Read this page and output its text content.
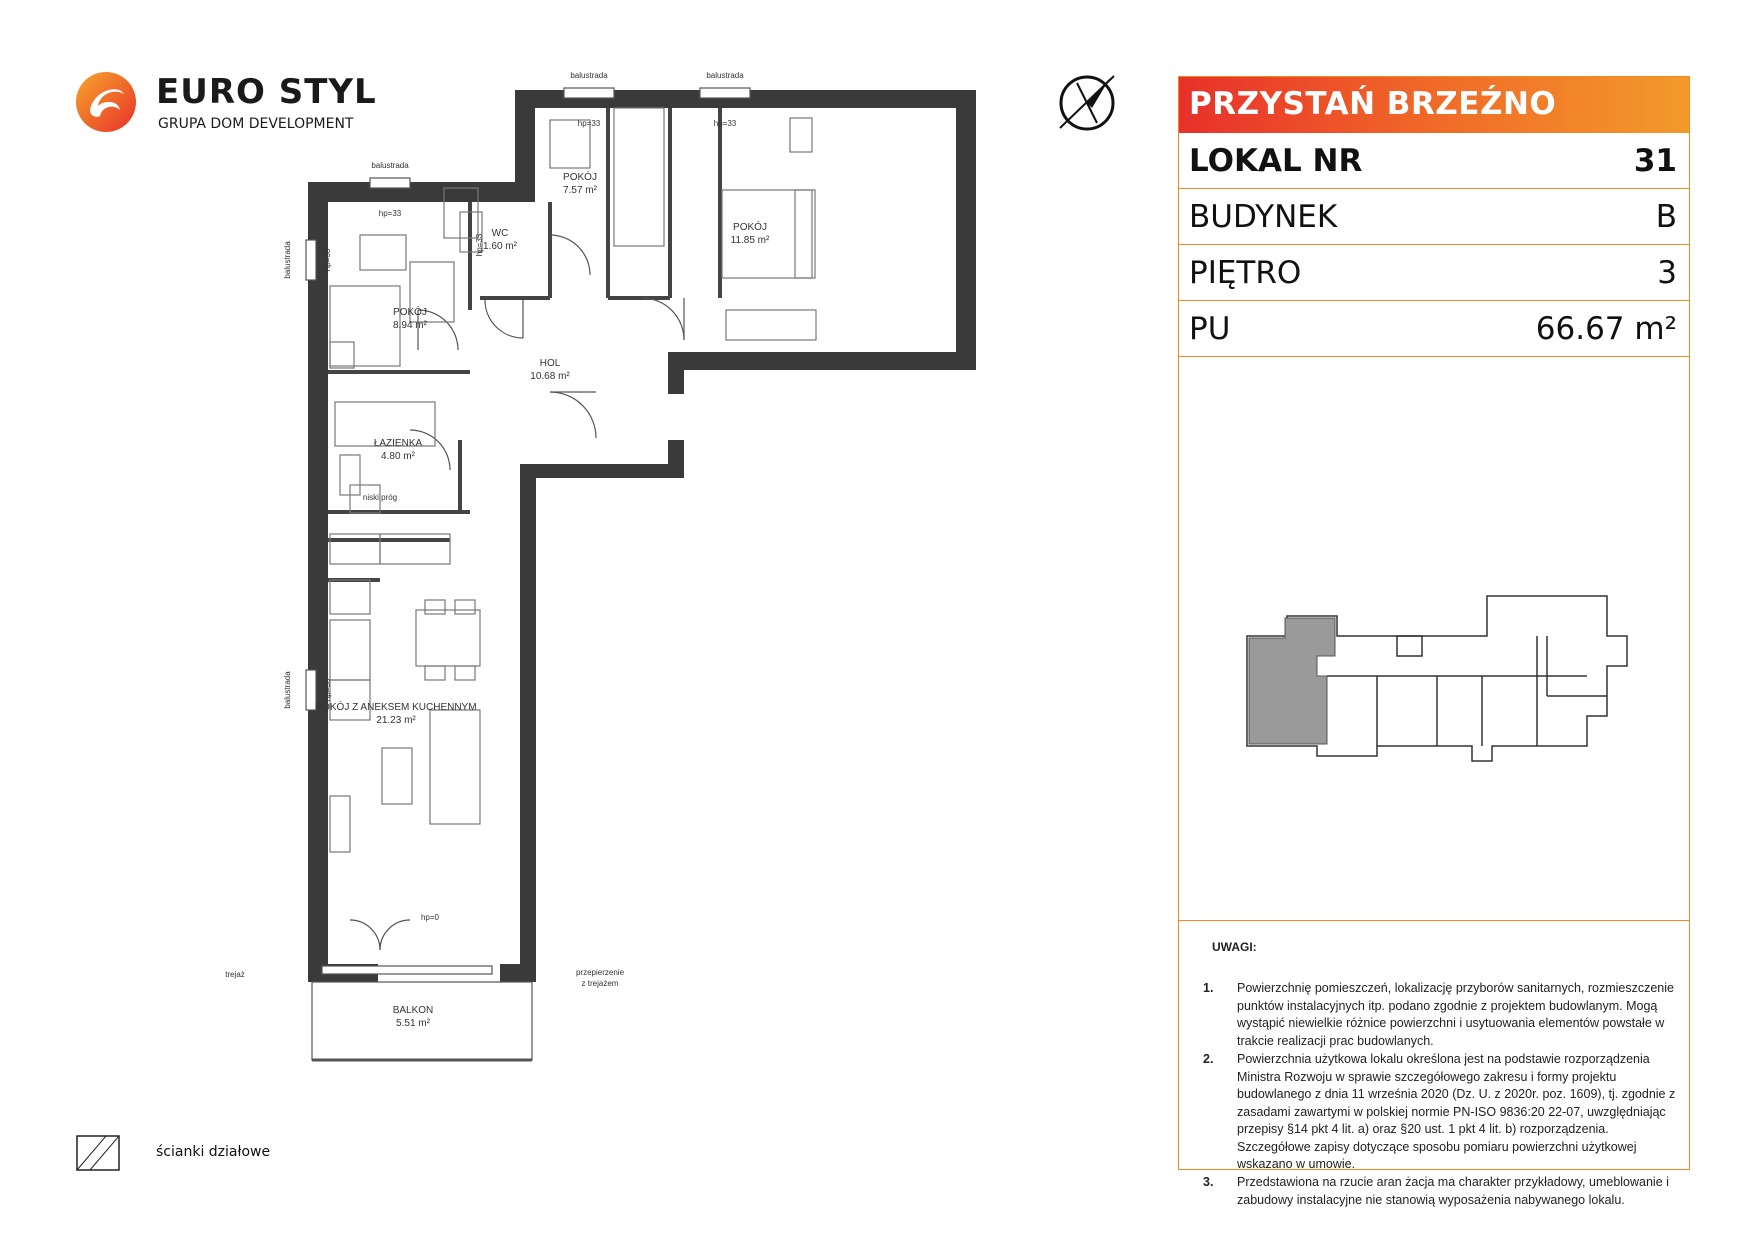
EURO STYL
GRUPA DOM DEVELOPMENT
POKÓJ
8.94 m²
WC
1.60 m²
POKÓJ
7.57 m²
POKÓJ
11.85 m²
HOL
10.68 m²
ŁAZIENKA
4.80 m²
POKÓJ Z ANEKSEM KUCHENNYM
21.23 m²
BALKON
5.51 m²
balustrada
balustrada	balustrada
hp=33
hp=33	hp=33
hp=0
niski próg
trejaż	przepierzenie
z trejażem
balustrada
balustrada
hp=33
hp=33
hp=33
PRZYSTAŃ BRZEŹNO
LOKAL NR	31
BUDYNEK	B
PIĘTRO	3
PU	66.67 m²
UWAGI:
1. Powierzchnię pomieszczeń, lokalizację przyborów sanitarnych, rozmieszczenie punktów instalacyjnych itp. podano zgodnie z projektem budowlanym. Mogą wystąpić niewielkie różnice powierzchni i usytuowania elementów powstałe w trakcie realizacji prac budowlanych.
2. Powierzchnia użytkowa lokalu określona jest na podstawie rozporządzenia Ministra Rozwoju w sprawie szczegółowego zakresu i formy projektu budowlanego z dnia 11 września 2020 (Dz. U. z 2020r. poz. 1609), tj. zgodnie z zasadami zawartymi w polskiej normie PN-ISO 9836:20 22-07, uwzględniając przepisy §14 pkt 4 lit. a) oraz §20 ust. 1 pkt 4 lit. b) rozporządzenia. Szczegółowe zapisy dotyczące sposobu pomiaru powierzchni użytkowej wskazano w umowie.
3. Przedstawiona na rzucie aran żacja ma charakter przykładowy, umeblowanie i zabudowy instalacyjne nie stanowią wyposażenia nabywanego lokalu.
ścianki działowe
